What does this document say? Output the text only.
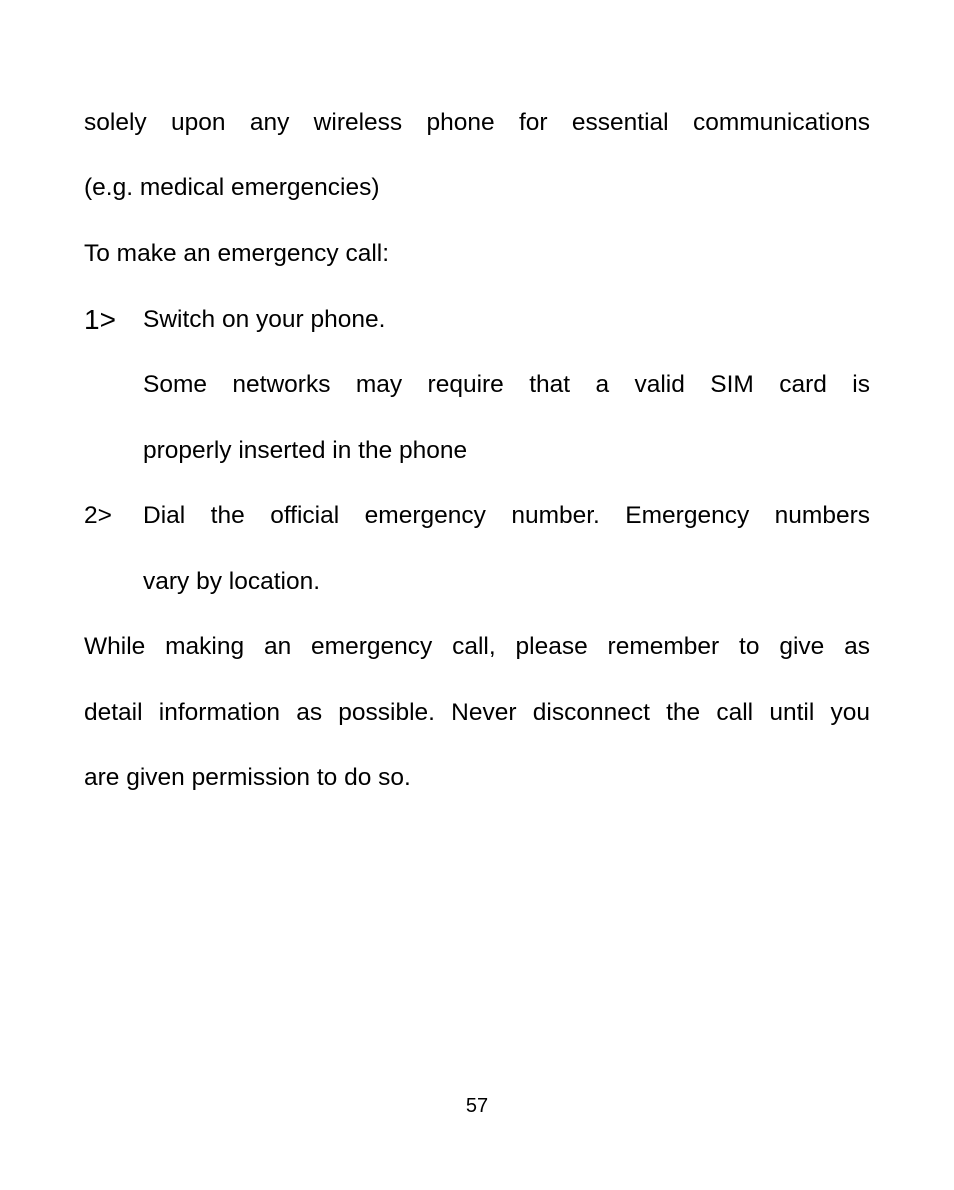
solely upon any wireless phone for essential communications
(e.g. medical emergencies)
To make an emergency call:
1> Switch on your phone.
Some networks may require that a valid SIM card is
properly inserted in the phone
2> Dial the official emergency number. Emergency numbers
vary by location.
While making an emergency call, please remember to give as
detail information as possible. Never disconnect the call until you
are given permission to do so.
57
